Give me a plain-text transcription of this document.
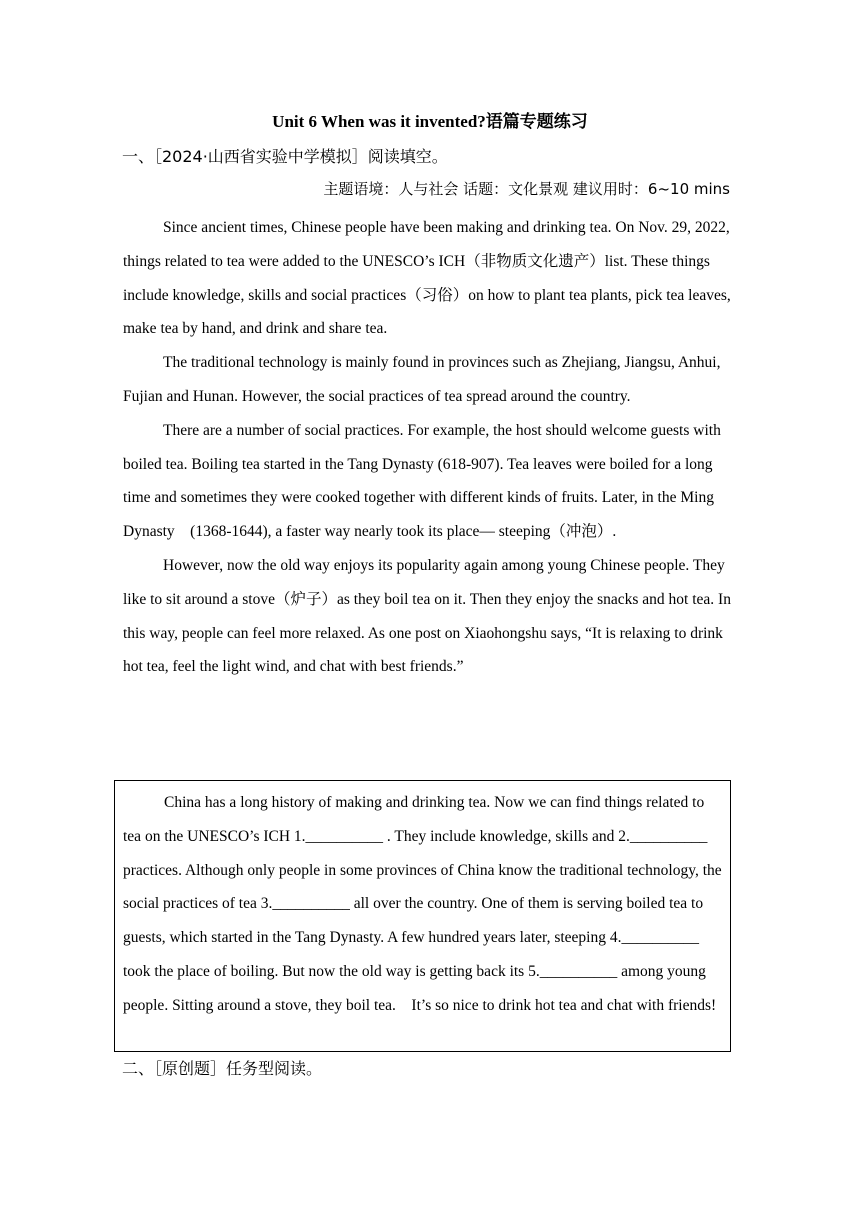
Unit 6 When was it invented?语篇专题练习
一、［2024·山西省实验中学模拟］阅读填空。
主题语境：人与社会 话题：文化景观 建议用时：6~10 mins

Since ancient times, Chinese people have been making and drinking tea. On Nov. 29, 2022, things related to tea were added to the UNESCO’s ICH（非物质文化遗产）list. These things include knowledge, skills and social practices（习俗）on how to plant tea plants, pick tea leaves, make tea by hand, and drink and share tea.

The traditional technology is mainly found in provinces such as Zhejiang, Jiangsu, Anhui, Fujian and Hunan. However, the social practices of tea spread around the country.

There are a number of social practices. For example, the host should welcome guests with boiled tea. Boiling tea started in the Tang Dynasty (618-907). Tea leaves were boiled for a long time and sometimes they were cooked together with different kinds of fruits. Later, in the Ming Dynasty    (1368-1644), a faster way nearly took its place— steeping（冲泡）.

However, now the old way enjoys its popularity again among young Chinese people. They like to sit around a stove（炉子）as they boil tea on it. Then they enjoy the snacks and hot tea. In this way, people can feel more relaxed. As one post on Xiaohongshu says, “It is relaxing to drink hot tea, feel the light wind, and chat with best friends.”

China has a long history of making and drinking tea. Now we can find things related to tea on the UNESCO’s ICH 1.__________ . They include knowledge, skills and 2.__________ practices. Although only people in some provinces of China know the traditional technology, the social practices of tea 3.__________ all over the country. One of them is serving boiled tea to guests, which started in the Tang Dynasty. A few hundred years later, steeping 4.__________ took the place of boiling. But now the old way is getting back its 5.__________ among young people. Sitting around a stove, they boil tea.    It’s so nice to drink hot tea and chat with friends!

二、［原创题］任务型阅读。
